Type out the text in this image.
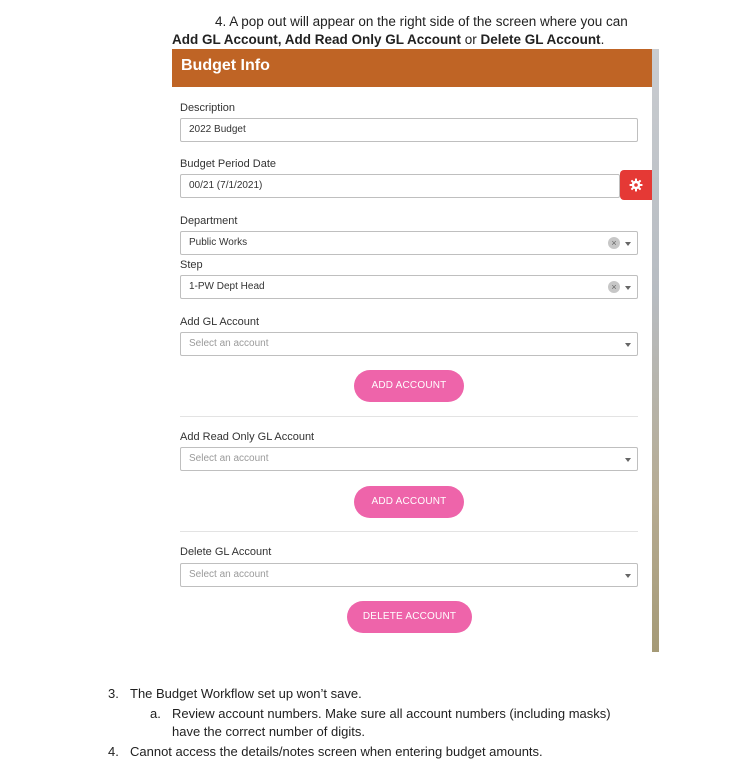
4. A pop out will appear on the right side of the screen where you can
Add GL Account, Add Read Only GL Account or Delete GL Account.
Budget Info
Description
2022 Budget
Budget Period Date
00/21 (7/1/2021)
Department
Public Works	×
Step
1-PW Dept Head	×
Add GL Account
Select an account
ADD ACCOUNT
Add Read Only GL Account
Select an account
ADD ACCOUNT
Delete GL Account
Select an account
DELETE ACCOUNT
3. The Budget Workflow set up won’t save.
a. Review account numbers. Make sure all account numbers (including masks)
have the correct number of digits.
4. Cannot access the details/notes screen when entering budget amounts.
